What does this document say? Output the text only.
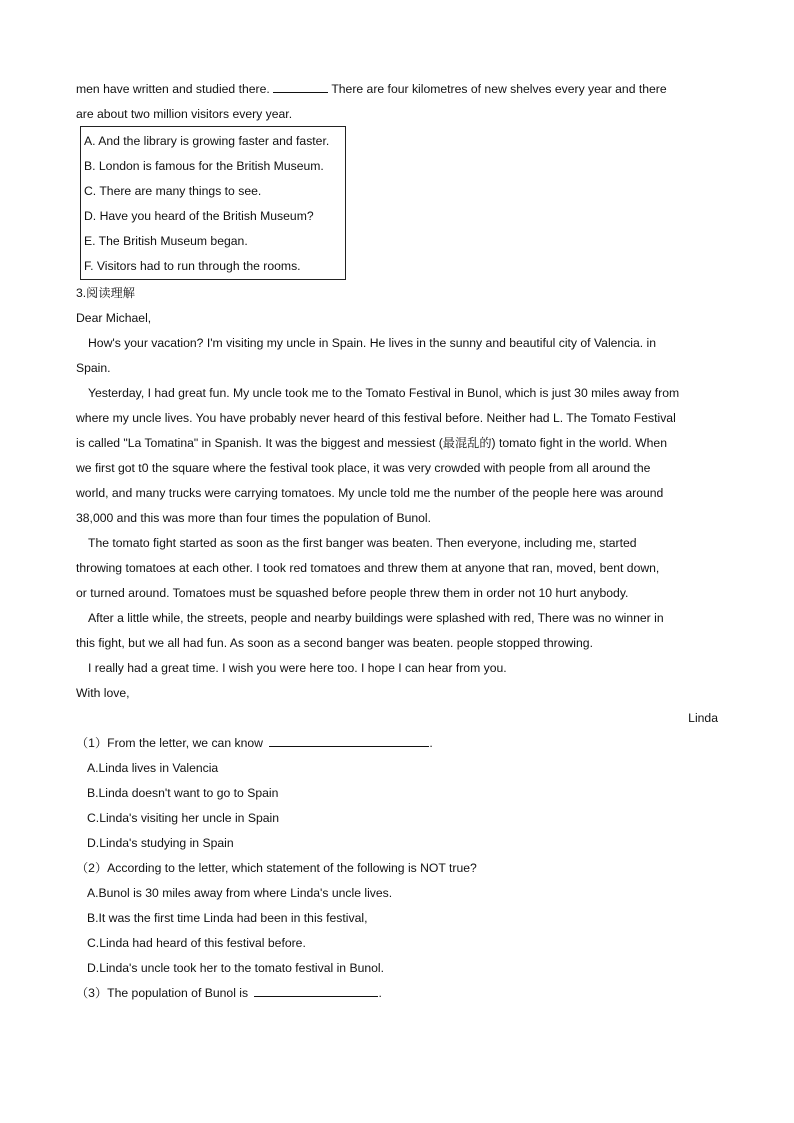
men have written and studied there.	There are four kilometres of new shelves every year and there
are about two million visitors every year.
A. And the library is growing faster and faster.
B. London is famous for the British Museum.
C. There are many things to see.
D. Have you heard of the British Museum?
E. The British Museum began.
F. Visitors had to run through the rooms.
3.阅读理解
Dear Michael,
How's your vacation? I'm visiting my uncle in Spain. He lives in the sunny and beautiful city of Valencia. in
Spain.
Yesterday, I had great fun. My uncle took me to the Tomato Festival in Bunol, which is just 30 miles away from
where my uncle lives. You have probably never heard of this festival before. Neither had L. The Tomato Festival
is called "La Tomatina" in Spanish. It was the biggest and messiest (最混乱的) tomato fight in the world. When
we first got t0 the square where the festival took place, it was very crowded with people from all around the
world, and many trucks were carrying tomatoes. My uncle told me the number of the people here was around
38,000 and this was more than four times the population of Bunol.
The tomato fight started as soon as the first banger was beaten. Then everyone, including me, started
throwing tomatoes at each other. I took red tomatoes and threw them at anyone that ran, moved, bent down,
or turned around. Tomatoes must be squashed before people threw them in order not 10 hurt anybody.
After a little while, the streets, people and nearby buildings were splashed with red, There was no winner in
this fight, but we all had fun. As soon as a second banger was beaten. people stopped throwing.
I really had a great time. I wish you were here too. I hope I can hear from you.
With love,
Linda
（1）From the letter, we can know	.
A.Linda lives in Valencia
B.Linda doesn't want to go to Spain
C.Linda's visiting her uncle in Spain
D.Linda's studying in Spain
（2）According to the letter, which statement of the following is NOT true?
A.Bunol is 30 miles away from where Linda's uncle lives.
B.It was the first time Linda had been in this festival,
C.Linda had heard of this festival before.
D.Linda's uncle took her to the tomato festival in Bunol.
（3）The population of Bunol is	.
